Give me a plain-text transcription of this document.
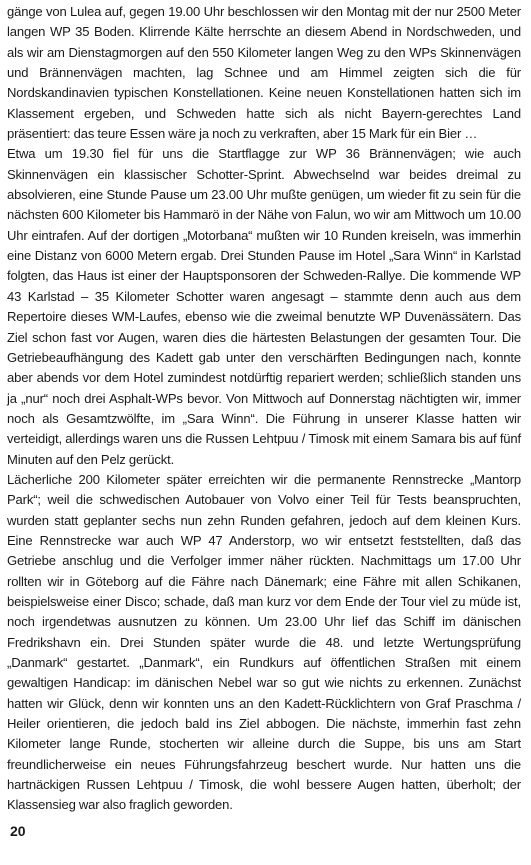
gänge von Lulea auf, gegen 19.00 Uhr beschlossen wir den Montag mit der nur 2500 Meter langen WP 35 Boden. Klirrende Kälte herrschte an diesem Abend in Nordschweden, und als wir am Dienstagmorgen auf den 550 Kilometer langen Weg zu den WPs Skinnenvägen und Brännenvägen machten, lag Schnee und am Himmel zeigten sich die für Nordskandinavien typischen Konstellationen. Keine neuen Konstellationen hatten sich im Klassement ergeben, und Schweden hatte sich als nicht Bayern-gerechtes Land präsentiert: das teure Essen wäre ja noch zu verkraften, aber 15 Mark für ein Bier …

Etwa um 19.30 fiel für uns die Startflagge zur WP 36 Brännenvägen; wie auch Skinnenvägen ein klassischer Schotter-Sprint. Abwechselnd war beides dreimal zu absolvieren, eine Stunde Pause um 23.00 Uhr mußte genügen, um wieder fit zu sein für die nächsten 600 Kilometer bis Hammarö in der Nähe von Falun, wo wir am Mittwoch um 10.00 Uhr eintrafen. Auf der dortigen „Motorbana“ mußten wir 10 Runden kreiseln, was immerhin eine Distanz von 6000 Metern ergab. Drei Stunden Pause im Hotel „Sara Winn“ in Karlstad folgten, das Haus ist einer der Hauptsponsoren der Schweden-Rallye. Die kommende WP 43 Karlstad – 35 Kilometer Schotter waren angesagt – stammte denn auch aus dem Repertoire dieses WM-Laufes, ebenso wie die zweimal benutzte WP Duvenässätern. Das Ziel schon fast vor Augen, waren dies die härtesten Belastungen der gesamten Tour. Die Getriebeaufhängung des Kadett gab unter den verschärften Bedingungen nach, konnte aber abends vor dem Hotel zumindest notdürftig repariert werden; schließlich standen uns ja „nur“ noch drei Asphalt-WPs bevor. Von Mittwoch auf Donnerstag nächtigten wir, immer noch als Gesamtzwölfte, im „Sara Winn“. Die Führung in unserer Klasse hatten wir verteidigt, allerdings waren uns die Russen Lehtpuu / Timosk mit einem Samara bis auf fünf Minuten auf den Pelz gerückt.

Lächerliche 200 Kilometer später erreichten wir die permanente Rennstrecke „Mantorp Park“; weil die schwedischen Autobauer von Volvo einer Teil für Tests beanspruchten, wurden statt geplanter sechs nun zehn Runden gefahren, jedoch auf dem kleinen Kurs. Eine Rennstrecke war auch WP 47 Anderstorp, wo wir entsetzt feststellten, daß das Getriebe anschlug und die Verfolger immer näher rückten. Nachmittags um 17.00 Uhr rollten wir in Göteborg auf die Fähre nach Dänemark; eine Fähre mit allen Schikanen, beispielsweise einer Disco; schade, daß man kurz vor dem Ende der Tour viel zu müde ist, noch irgendetwas ausnutzen zu können. Um 23.00 Uhr lief das Schiff im dänischen Fredrikshavn ein. Drei Stunden später wurde die 48. und letzte Wertungsprüfung „Danmark“ gestartet. „Danmark“, ein Rundkurs auf öffentlichen Straßen mit einem gewaltigen Handicap: im dänischen Nebel war so gut wie nichts zu erkennen. Zunächst hatten wir Glück, denn wir konnten uns an den Kadett-Rücklichtern von Graf Praschma / Heiler orientieren, die jedoch bald ins Ziel abbogen. Die nächste, immerhin fast zehn Kilometer lange Runde, stocherten wir alleine durch die Suppe, bis uns am Start freundlicherweise ein neues Führungsfahrzeug beschert wurde. Nur hatten uns die hartnäckigen Russen Lehtpuu / Timosk, die wohl bessere Augen hatten, überholt; der Klassensieg war also fraglich geworden.

20
